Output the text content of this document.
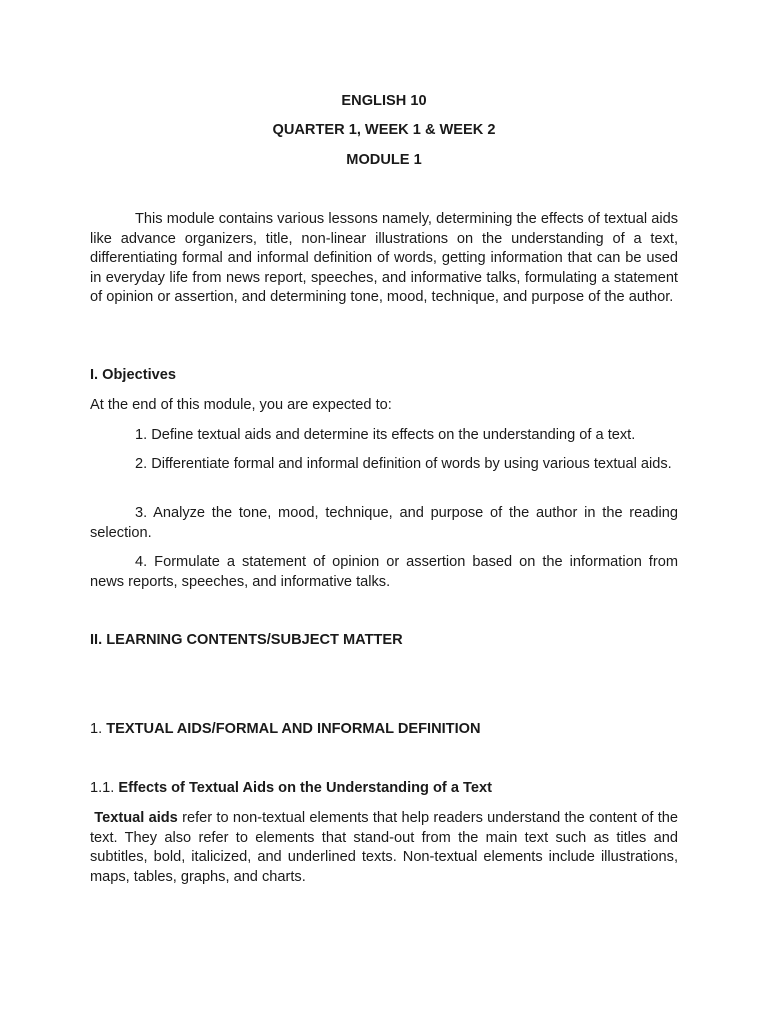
ENGLISH 10
QUARTER 1, WEEK 1 & WEEK 2
MODULE 1

This module contains various lessons namely, determining the effects of textual aids like advance organizers, title, non-linear illustrations on the understanding of a text, differentiating formal and informal definition of words, getting information that can be used in everyday life from news report, speeches, and informative talks, formulating a statement of opinion or assertion, and determining tone, mood, technique, and purpose of the author.

I. Objectives
At the end of this module, you are expected to:

1. Define textual aids and determine its effects on the understanding of a text.

2. Differentiate formal and informal definition of words by using various textual aids.

3. Analyze the tone, mood, technique, and purpose of the author in the reading selection.

4. Formulate a statement of opinion or assertion based on the information from news reports, speeches, and informative talks.

II. LEARNING CONTENTS/SUBJECT MATTER
1. TEXTUAL AIDS/FORMAL AND INFORMAL DEFINITION
1.1. Effects of Textual Aids on the Understanding of a Text

Textual aids refer to non-textual elements that help readers understand the content of the text. They also refer to elements that stand-out from the main text such as titles and subtitles, bold, italicized, and underlined texts. Non-textual elements include illustrations, maps, tables, graphs, and charts.
